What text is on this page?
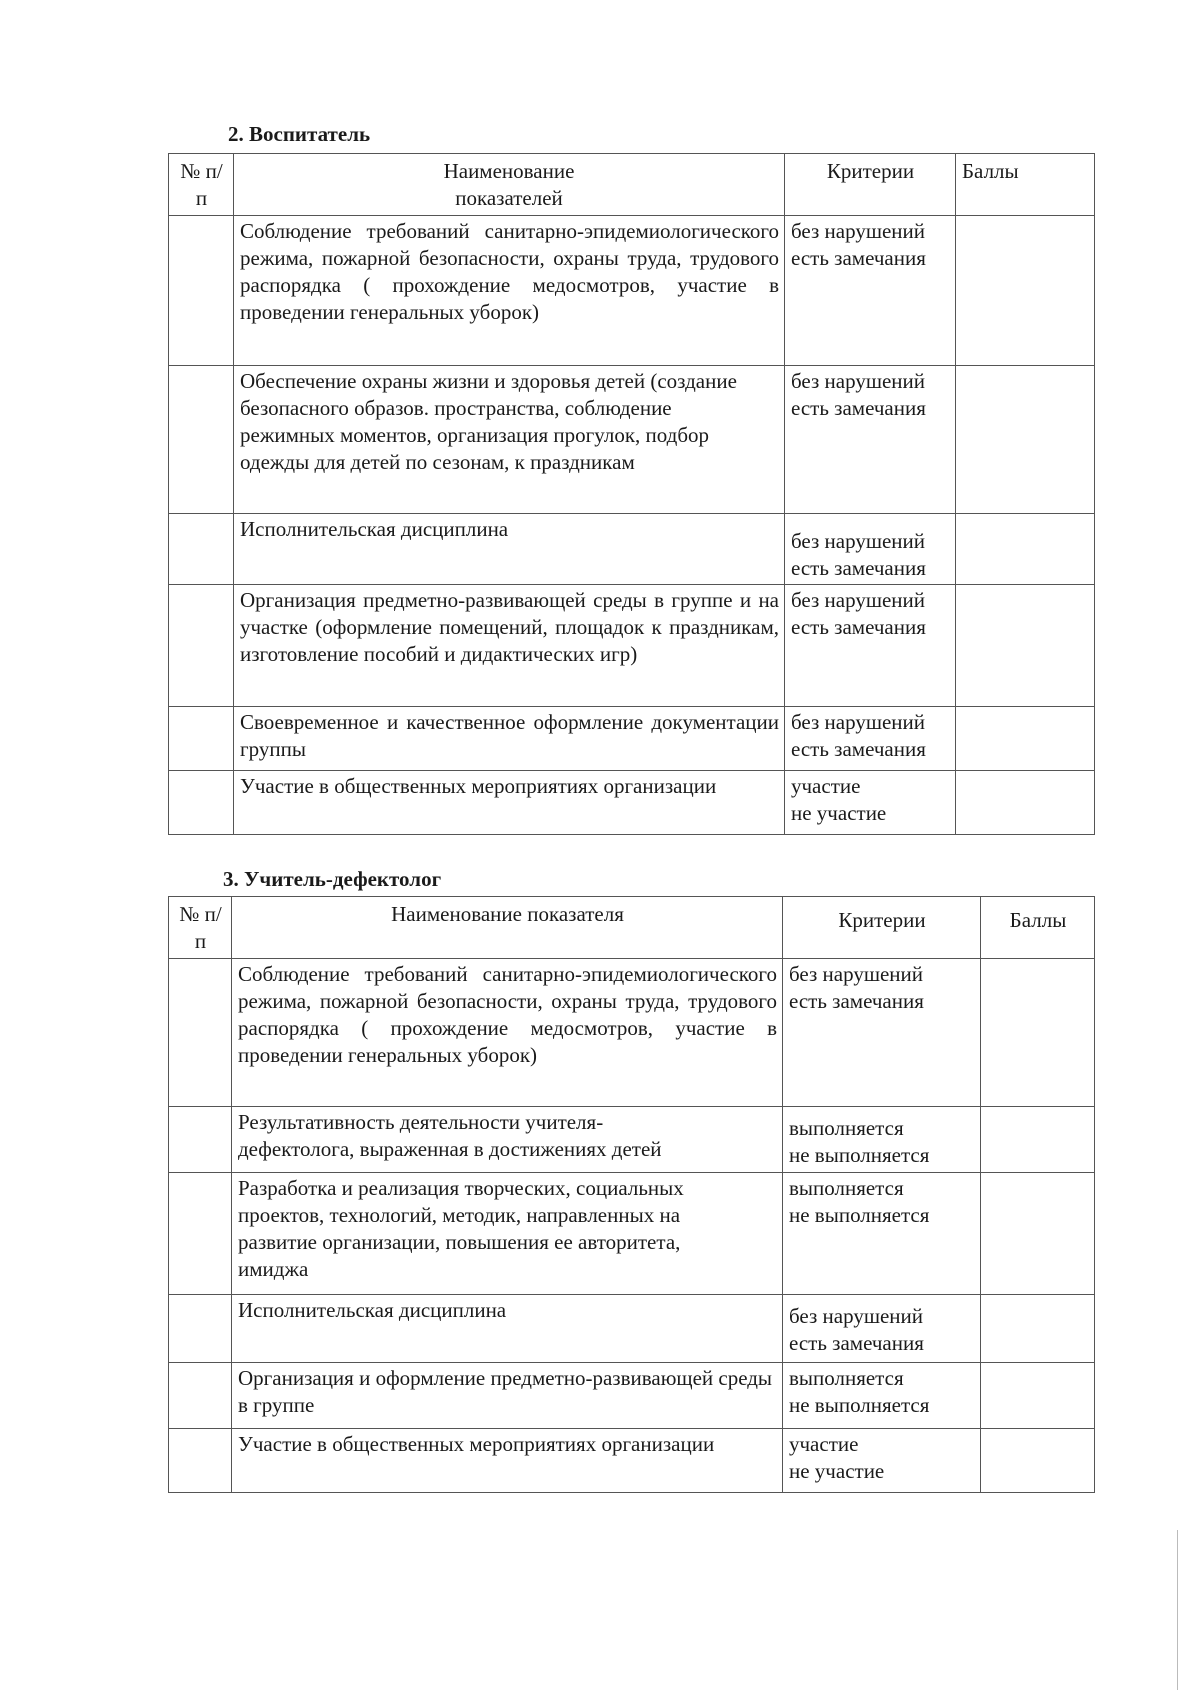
2. Воспитатель
№ п/п	Наименование показателей	Критерии	Баллы
	Соблюдение требований санитарно-эпидемиологического режима, пожарной безопасности, охраны труда, трудового распорядка ( прохождение медосмотров, участие в проведении генеральных уборок)	без нарушений
есть замечания	

	Обеспечение охраны жизни и здоровья детей (создание безопасного образов. пространства, соблюдение режимных моментов, организация прогулок, подбор одежды для детей по сезонам, к праздникам	без нарушений
есть замечания	

	Исполнительская дисциплина	без нарушений
есть замечания	

	Организация предметно-развивающей среды в группе и на участке (оформление помещений, площадок к праздникам, изготовление пособий и дидактических игр)	без нарушений
есть замечания	

	Своевременное и качественное оформление документации группы	без нарушений
есть замечания	

	Участие в общественных мероприятиях организации	участие
не участие	

3. Учитель-дефектолог
№ п/п	Наименование показателя	Критерии	Баллы
	Соблюдение требований санитарно-эпидемиологического режима, пожарной безопасности, охраны труда, трудового распорядка ( прохождение медосмотров, участие в проведении генеральных уборок)	без нарушений
есть замечания	

	Результативность деятельности учителя-дефектолога, выраженная в достижениях детей	выполняется
не выполняется	

	Разработка и реализация творческих, социальных проектов, технологий, методик, направленных на развитие организации, повышения ее авторитета, имиджа	выполняется
не выполняется	

	Исполнительская дисциплина	без нарушений
есть замечания	

	Организация и оформление предметно-развивающей среды в группе	выполняется
не выполняется	

	Участие в общественных мероприятиях организации	участие
не участие	
